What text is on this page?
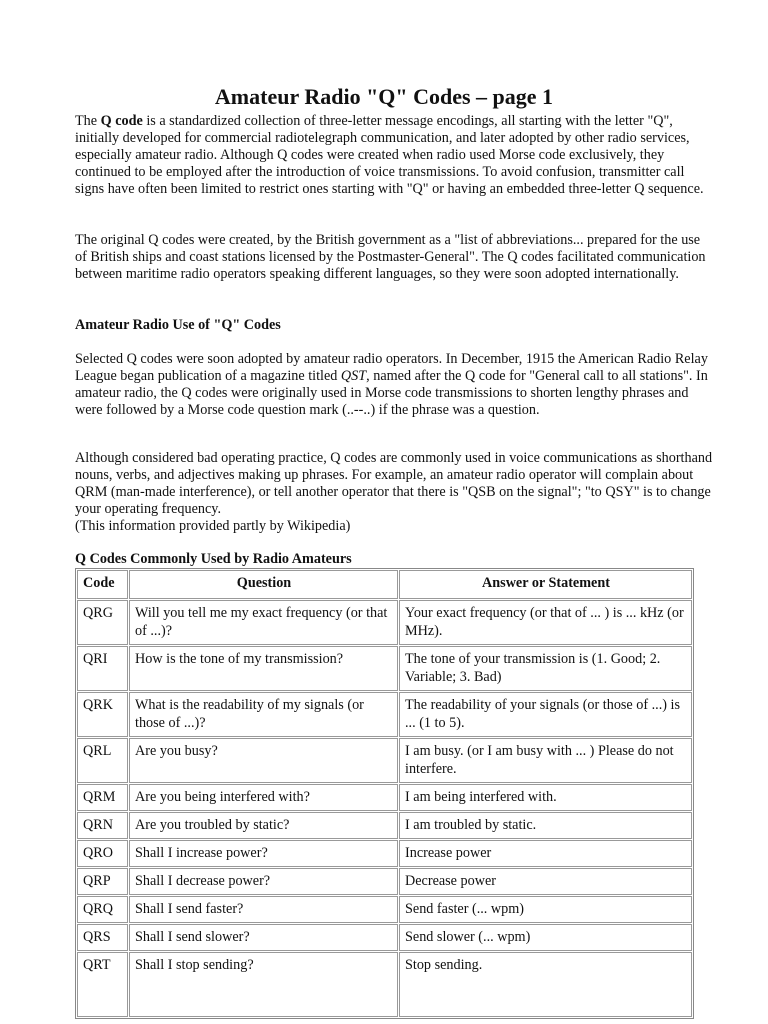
Amateur Radio "Q" Codes – page 1

The Q code is a standardized collection of three-letter message encodings, all starting with the letter "Q", initially developed for commercial radiotelegraph communication, and later adopted by other radio services, especially amateur radio. Although Q codes were created when radio used Morse code exclusively, they continued to be employed after the introduction of voice transmissions. To avoid confusion, transmitter call signs have often been limited to restrict ones starting with "Q" or having an embedded three-letter Q sequence.

The original Q codes were created, by the British government as a "list of abbreviations... prepared for the use of British ships and coast stations licensed by the Postmaster-General". The Q codes facilitated communication between maritime radio operators speaking different languages, so they were soon adopted internationally.

Amateur Radio Use of "Q" Codes

Selected Q codes were soon adopted by amateur radio operators. In December, 1915 the American Radio Relay League began publication of a magazine titled QST, named after the Q code for "General call to all stations". In amateur radio, the Q codes were originally used in Morse code transmissions to shorten lengthy phrases and were followed by a Morse code question mark (..--..) if the phrase was a question.

Although considered bad operating practice, Q codes are commonly used in voice communications as shorthand nouns, verbs, and adjectives making up phrases. For example, an amateur radio operator will complain about QRM (man-made interference), or tell another operator that there is "QSB on the signal"; "to QSY" is to change your operating frequency.

(This information provided partly by Wikipedia)

Q Codes Commonly Used by Radio Amateurs

Code	Question	Answer or Statement
QRG	Will you tell me my exact frequency (or that of ...)?	Your exact frequency (or that of ... ) is ... kHz (or MHz).
QRI	How is the tone of my transmission?	The tone of your transmission is (1. Good; 2. Variable; 3. Bad)
QRK	What is the readability of my signals (or those of ...)?	The readability of your signals (or those of ...) is ... (1 to 5).
QRL	Are you busy?	I am busy. (or I am busy with ... ) Please do not interfere.
QRM	Are you being interfered with?	I am being interfered with.
QRN	Are you troubled by static?	I am troubled by static.
QRO	Shall I increase power?	Increase power
QRP	Shall I decrease power?	Decrease power
QRQ	Shall I send faster?	Send faster (... wpm)
QRS	Shall I send slower?	Send slower (... wpm)
QRT	Shall I stop sending?	Stop sending.
